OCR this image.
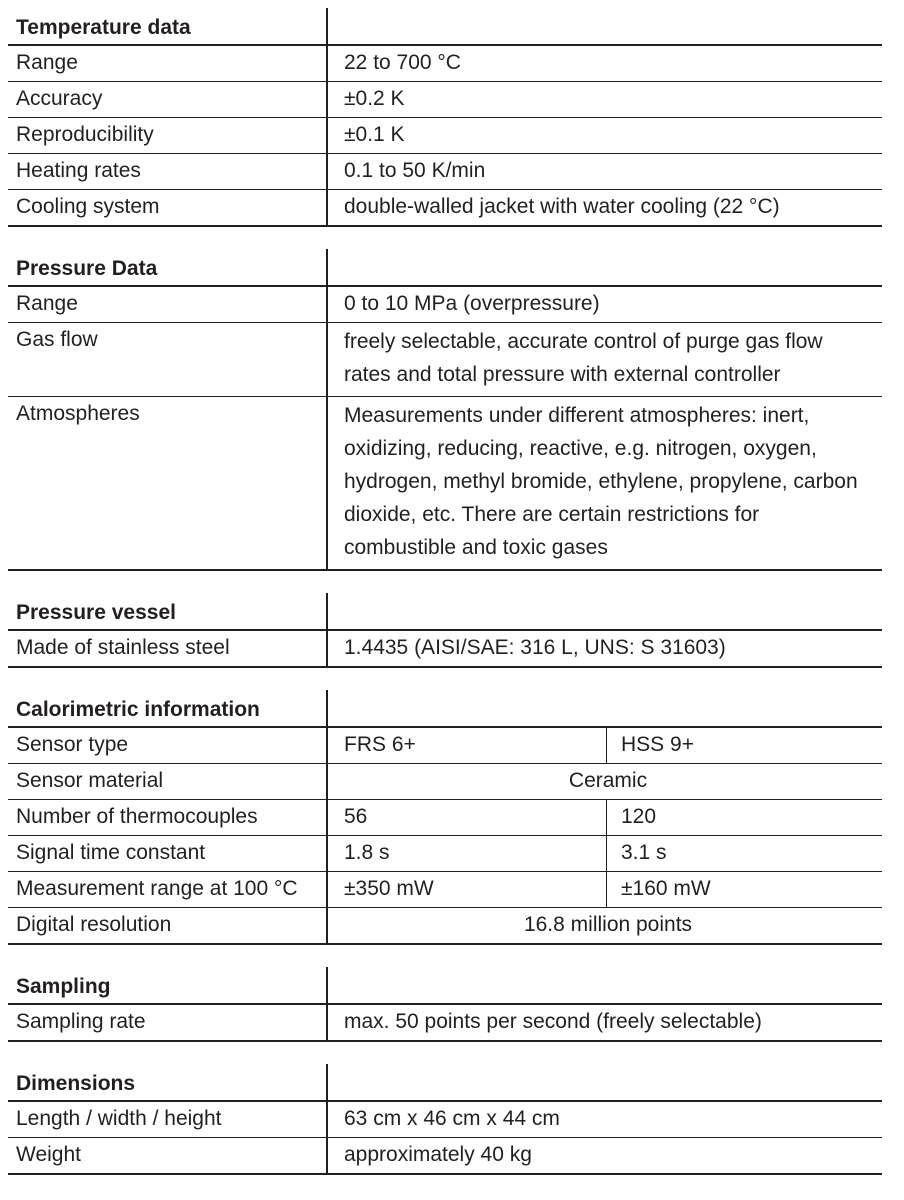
Temperature data
Range	22 to 700 °C
Accuracy	±0.2 K
Reproducibility	±0.1 K
Heating rates	0.1 to 50 K/min
Cooling system	double-walled jacket with water cooling (22 °C)
Pressure Data
Range	0 to 10 MPa (overpressure)
Gas flow	freely selectable, accurate control of purge gas flow rates and total pressure with external controller
Atmospheres	Measurements under different atmospheres: inert, oxidizing, reducing, reactive, e.g. nitrogen, oxygen, hydrogen, methyl bromide, ethylene, propylene, carbon dioxide, etc. There are certain restrictions for combustible and toxic gases
Pressure vessel
Made of stainless steel	1.4435 (AISI/SAE: 316 L, UNS: S 31603)
Calorimetric information
Sensor type	FRS 6+	HSS 9+
Sensor material	Ceramic
Number of thermocouples	56	120
Signal time constant	1.8 s	3.1 s
Measurement range at 100 °C	±350 mW	±160 mW
Digital resolution	16.8 million points
Sampling
Sampling rate	max. 50 points per second (freely selectable)
Dimensions
Length / width / height	63 cm x 46 cm x 44 cm
Weight	approximately 40 kg
